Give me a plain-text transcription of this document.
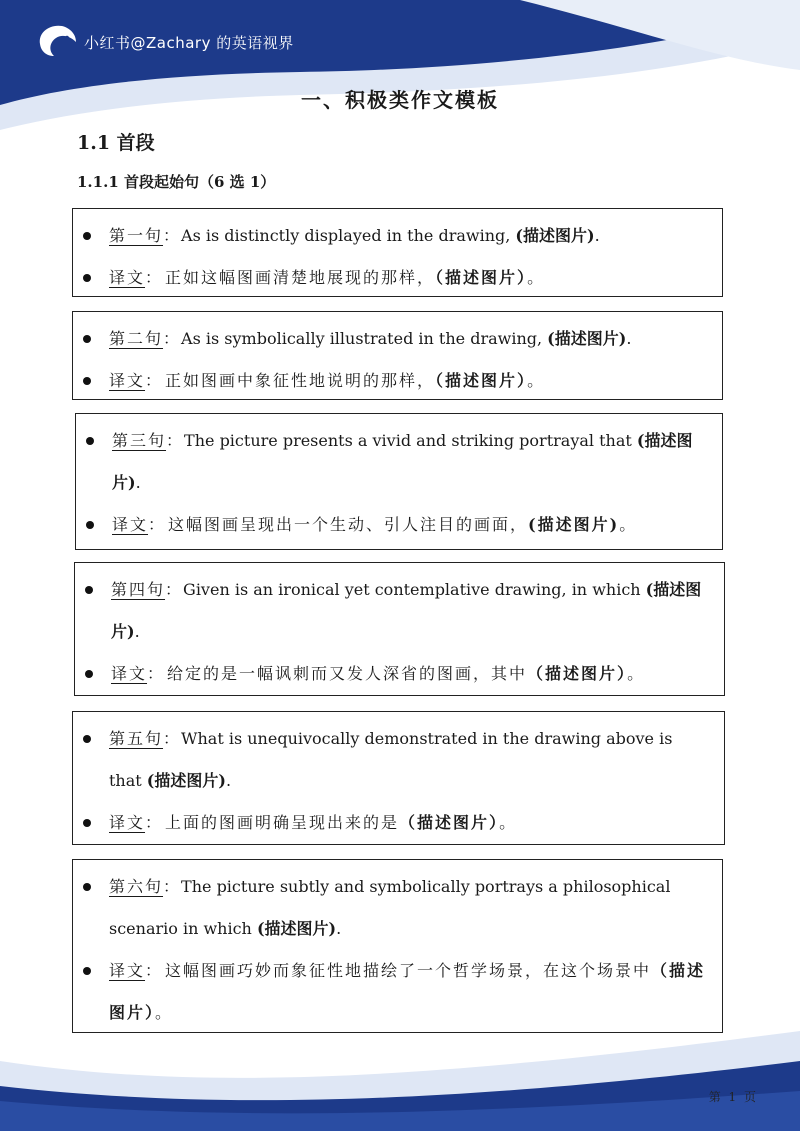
小红书@Zachary 的英语视界
一、积极类作文模板
1.1 首段
1.1.1 首段起始句（6 选 1）
第一句： As is distinctly displayed in the drawing, (描述图片).
译文： 正如这幅图画清楚地展现的那样，（描述图片）。
第二句： As is symbolically illustrated in the drawing, (描述图片).
译文： 正如图画中象征性地说明的那样，（描述图片）。
第三句： The picture presents a vivid and striking portrayal that (描述图片).
译文： 这幅图画呈现出一个生动、引人注目的画面，(描述图片)。
第四句： Given is an ironical yet contemplative drawing, in which (描述图片).
译文： 给定的是一幅讽刺而又发人深省的图画，其中（描述图片）。
第五句： What is unequivocally demonstrated in the drawing above is that (描述图片).
译文： 上面的图画明确呈现出来的是（描述图片）。
第六句： The picture subtly and symbolically portrays a philosophical scenario in which (描述图片).
译文： 这幅图画巧妙而象征性地描绘了一个哲学场景，在这个场景中（描述图片）。
第 1 页
